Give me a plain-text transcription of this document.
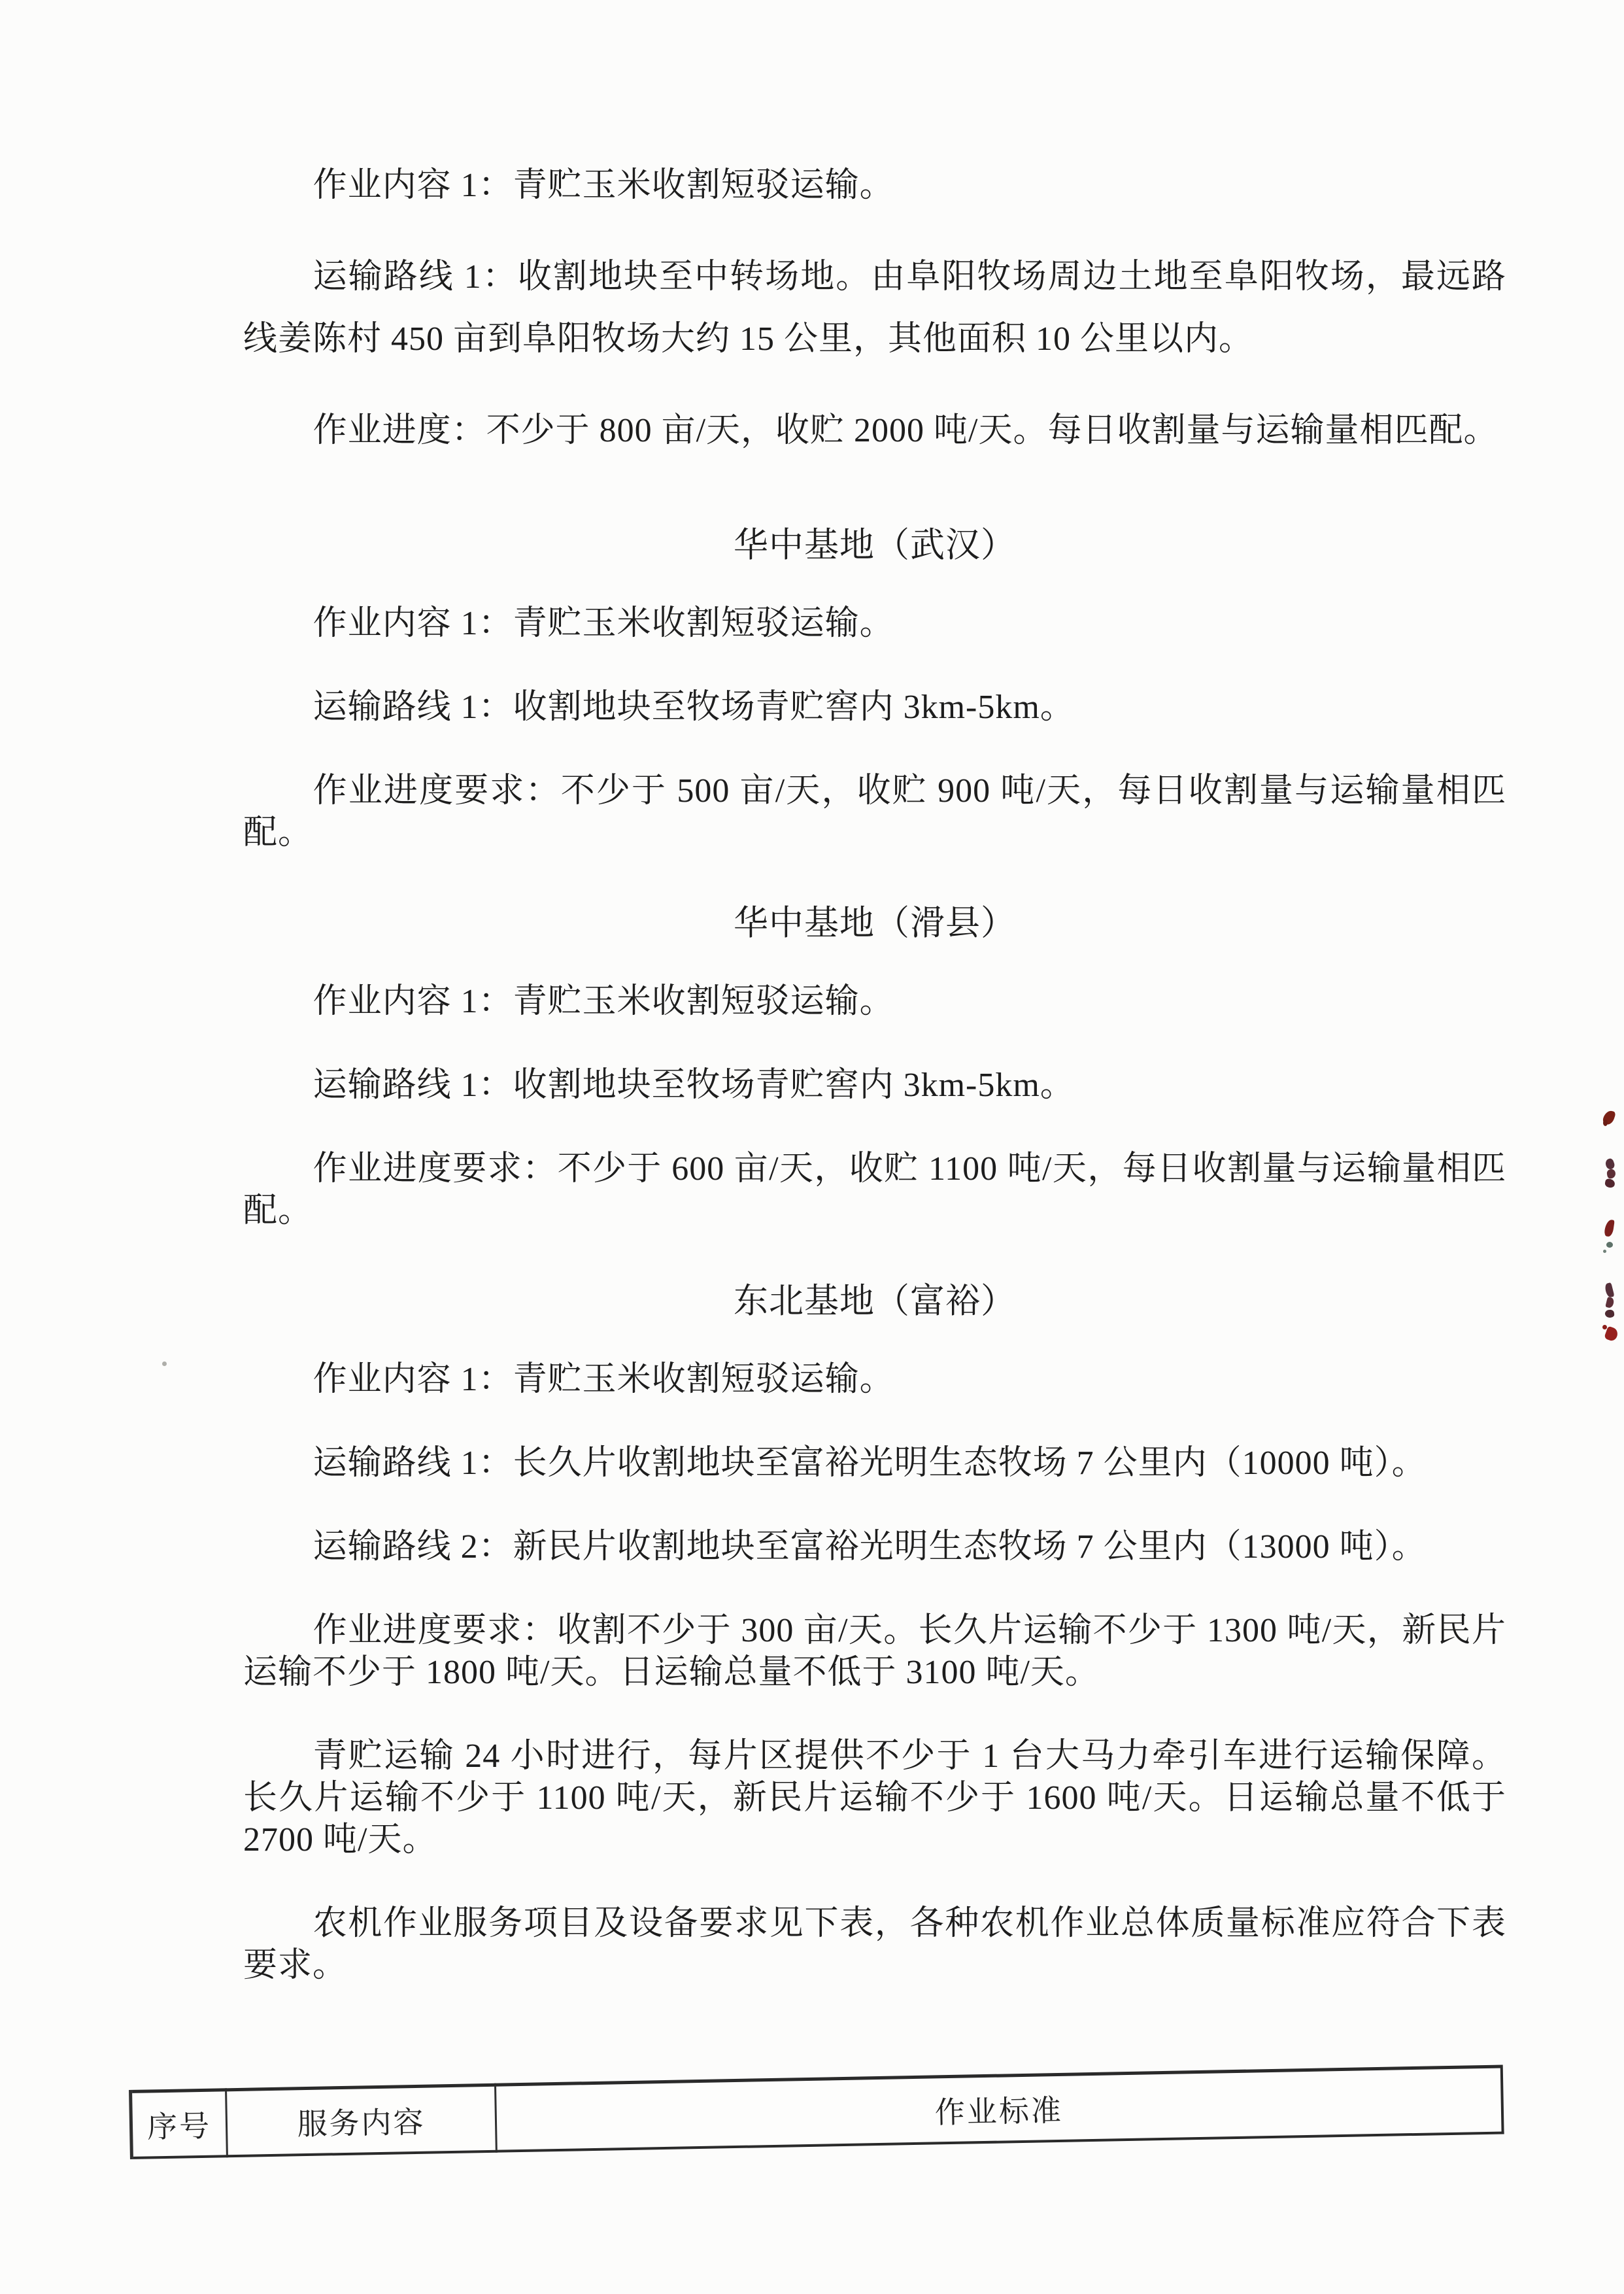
作业内容 1：青贮玉米收割短驳运输。

运输路线 1：收割地块至中转场地。由阜阳牧场周边土地至阜阳牧场，最远路线姜陈村 450 亩到阜阳牧场大约 15 公里，其他面积 10 公里以内。

作业进度：不少于 800 亩/天，收贮 2000 吨/天。每日收割量与运输量相匹配。

华中基地（武汉）

作业内容 1：青贮玉米收割短驳运输。

运输路线 1：收割地块至牧场青贮窖内 3km-5km。

作业进度要求：不少于 500 亩/天，收贮 900 吨/天，每日收割量与运输量相匹配。

华中基地（滑县）

作业内容 1：青贮玉米收割短驳运输。

运输路线 1：收割地块至牧场青贮窖内 3km-5km。

作业进度要求：不少于 600 亩/天，收贮 1100 吨/天，每日收割量与运输量相匹配。

东北基地（富裕）

作业内容 1：青贮玉米收割短驳运输。

运输路线 1：长久片收割地块至富裕光明生态牧场 7 公里内（10000 吨）。

运输路线 2：新民片收割地块至富裕光明生态牧场 7 公里内（13000 吨）。

作业进度要求：收割不少于 300 亩/天。长久片运输不少于 1300 吨/天，新民片运输不少于 1800 吨/天。日运输总量不低于 3100 吨/天。

青贮运输 24 小时进行，每片区提供不少于 1 台大马力牵引车进行运输保障。长久片运输不少于 1100 吨/天，新民片运输不少于 1600 吨/天。日运输总量不低于 2700 吨/天。

农机作业服务项目及设备要求见下表，各种农机作业总体质量标准应符合下表要求。

序号	服务内容	作业标准
